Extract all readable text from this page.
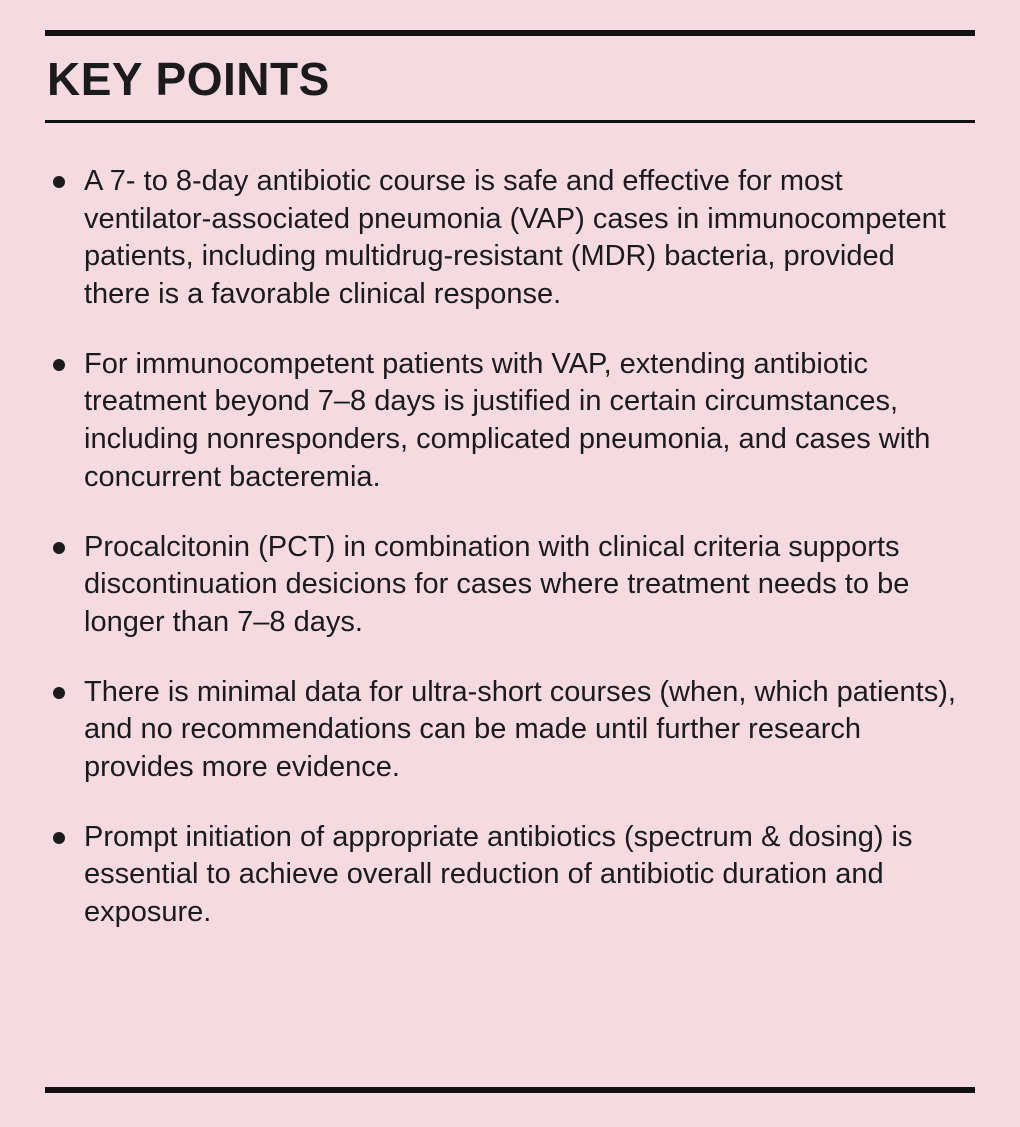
KEY POINTS
A 7- to 8-day antibiotic course is safe and effective for most ventilator-associated pneumonia (VAP) cases in immunocompetent patients, including multidrug-resistant (MDR) bacteria, provided there is a favorable clinical response.
For immunocompetent patients with VAP, extending antibiotic treatment beyond 7–8 days is justified in certain circumstances, including nonresponders, complicated pneumonia, and cases with concurrent bacteremia.
Procalcitonin (PCT) in combination with clinical criteria supports discontinuation desicions for cases where treatment needs to be longer than 7–8 days.
There is minimal data for ultra-short courses (when, which patients), and no recommendations can be made until further research provides more evidence.
Prompt initiation of appropriate antibiotics (spectrum & dosing) is essential to achieve overall reduction of antibiotic duration and exposure.
